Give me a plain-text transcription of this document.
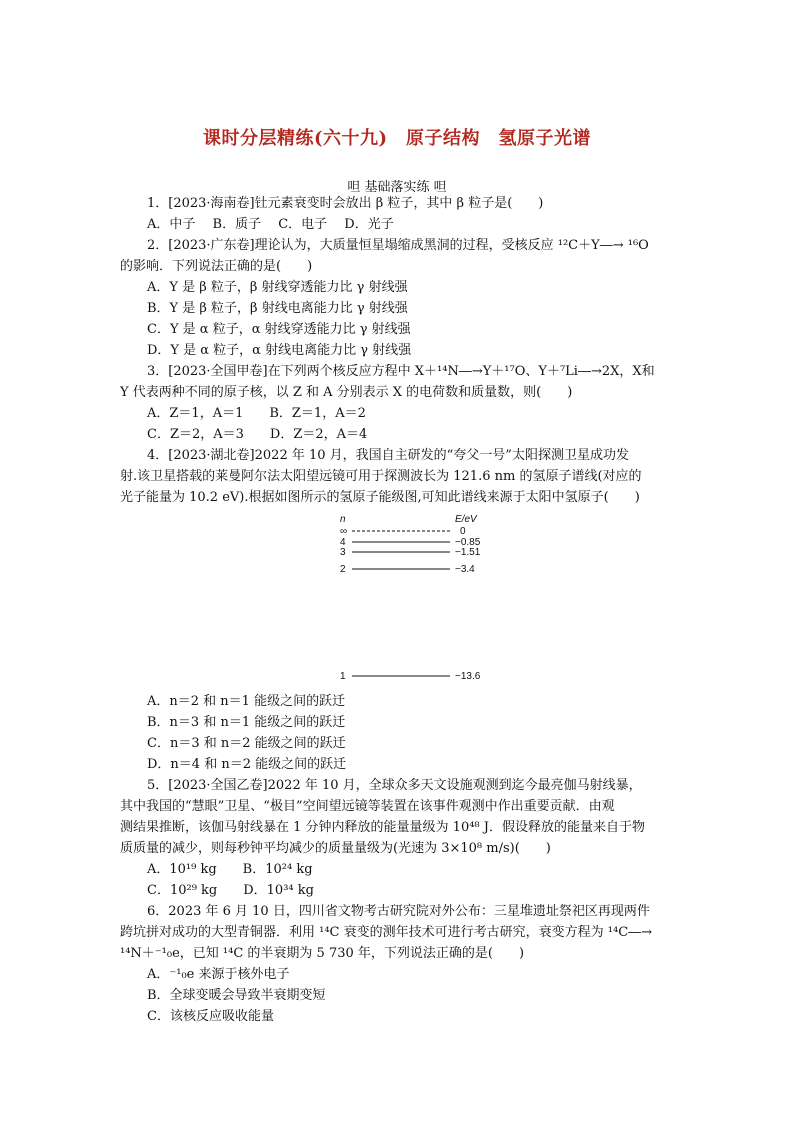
课时分层精练(六十九)　原子结构　氢原子光谱
呾 基础落实练 呾
1．[2023·海南卷]钍元素衰变时会放出 β 粒子，其中 β 粒子是(　　)
A．中子　 B．质子　 C．电子　 D．光子
2．[2023·广东卷]理论认为，大质量恒星塌缩成黑洞的过程，受核反应 ¹²C＋Y―→ ¹⁶O
的影响．下列说法正确的是(　　)
A．Y 是 β 粒子，β 射线穿透能力比 γ 射线强
B．Y 是 β 粒子，β 射线电离能力比 γ 射线强
C．Y 是 α 粒子，α 射线穿透能力比 γ 射线强
D．Y 是 α 粒子，α 射线电离能力比 γ 射线强
3．[2023·全国甲卷]在下列两个核反应方程中 X＋¹⁴N―→Y＋¹⁷O、Y＋⁷Li―→2X，X和
Y 代表两种不同的原子核，以 Z 和 A 分别表示 X 的电荷数和质量数，则(　　)
A．Z＝1，A＝1　　B．Z＝1，A＝2
C．Z＝2，A＝3　　D．Z＝2，A＝4
4．[2023·湖北卷]2022 年 10 月，我国自主研发的“夸父一号”太阳探测卫星成功发
射.该卫星搭载的莱曼阿尔法太阳望远镜可用于探测波长为 121.6 nm 的氢原子谱线(对应的
光子能量为 10.2 eV).根据如图所示的氢原子能级图,可知此谱线来源于太阳中氢原子(　　)
n	E/eV
∞	0
4	−0.85
3	−1.51
2	−3.4
1	−13.6
A．n＝2 和 n＝1 能级之间的跃迁
B．n＝3 和 n＝1 能级之间的跃迁
C．n＝3 和 n＝2 能级之间的跃迁
D．n＝4 和 n＝2 能级之间的跃迁
5．[2023·全国乙卷]2022 年 10 月，全球众多天文设施观测到迄今最亮伽马射线暴，
其中我国的“慧眼”卫星、“极目”空间望远镜等装置在该事件观测中作出重要贡献．由观
测结果推断，该伽马射线暴在 1 分钟内释放的能量量级为 10⁴⁸ J．假设释放的能量来自于物
质质量的减少，则每秒钟平均减少的质量量级为(光速为 3×10⁸ m/s)(　　)
A．10¹⁹ kg　　B．10²⁴ kg
C．10²⁹ kg　　D．10³⁴ kg
6．2023 年 6 月 10 日，四川省文物考古研究院对外公布：三星堆遗址祭祀区再现两件
跨坑拼对成功的大型青铜器．利用 ¹⁴C 衰变的测年技术可进行考古研究，衰变方程为 ¹⁴C―→
¹⁴N＋⁻¹₀e，已知 ¹⁴C 的半衰期为 5 730 年，下列说法正确的是(　　)
A．⁻¹₀e 来源于核外电子
B．全球变暖会导致半衰期变短
C．该核反应吸收能量
